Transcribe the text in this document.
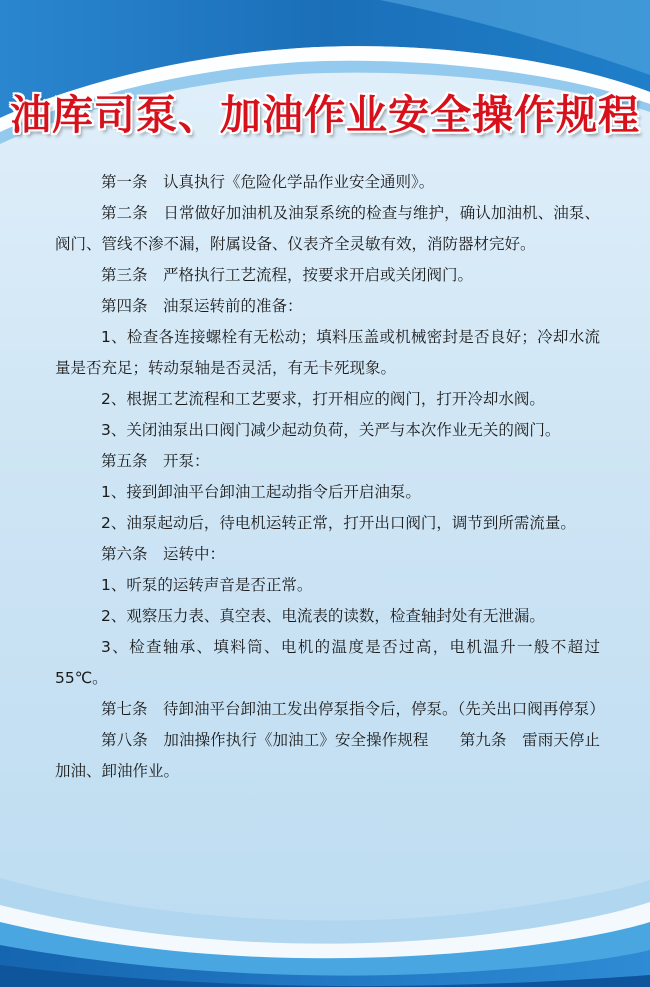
油库司泵、加油作业安全操作规程

第一条　认真执行《危险化学品作业安全通则》。

第二条　日常做好加油机及油泵系统的检查与维护，确认加油机、油泵、阀门、管线不渗不漏，附属设备、仪表齐全灵敏有效，消防器材完好。

第三条　严格执行工艺流程，按要求开启或关闭阀门。

第四条　油泵运转前的准备：

1、检查各连接螺栓有无松动；填料压盖或机械密封是否良好；冷却水流量是否充足；转动泵轴是否灵活，有无卡死现象。

2、根据工艺流程和工艺要求，打开相应的阀门，打开冷却水阀。

3、关闭油泵出口阀门减少起动负荷，关严与本次作业无关的阀门。

第五条　开泵：

1、接到卸油平台卸油工起动指令后开启油泵。

2、油泵起动后，待电机运转正常，打开出口阀门，调节到所需流量。

第六条　运转中：

1、听泵的运转声音是否正常。

2、观察压力表、真空表、电流表的读数，检查轴封处有无泄漏。

3、检查轴承、填料筒、电机的温度是否过高，电机温升一般不超过55℃。

第七条　待卸油平台卸油工发出停泵指令后，停泵。（先关出口阀再停泵）

第八条　加油操作执行《加油工》安全操作规程　　第九条　雷雨天停止加油、卸油作业。
